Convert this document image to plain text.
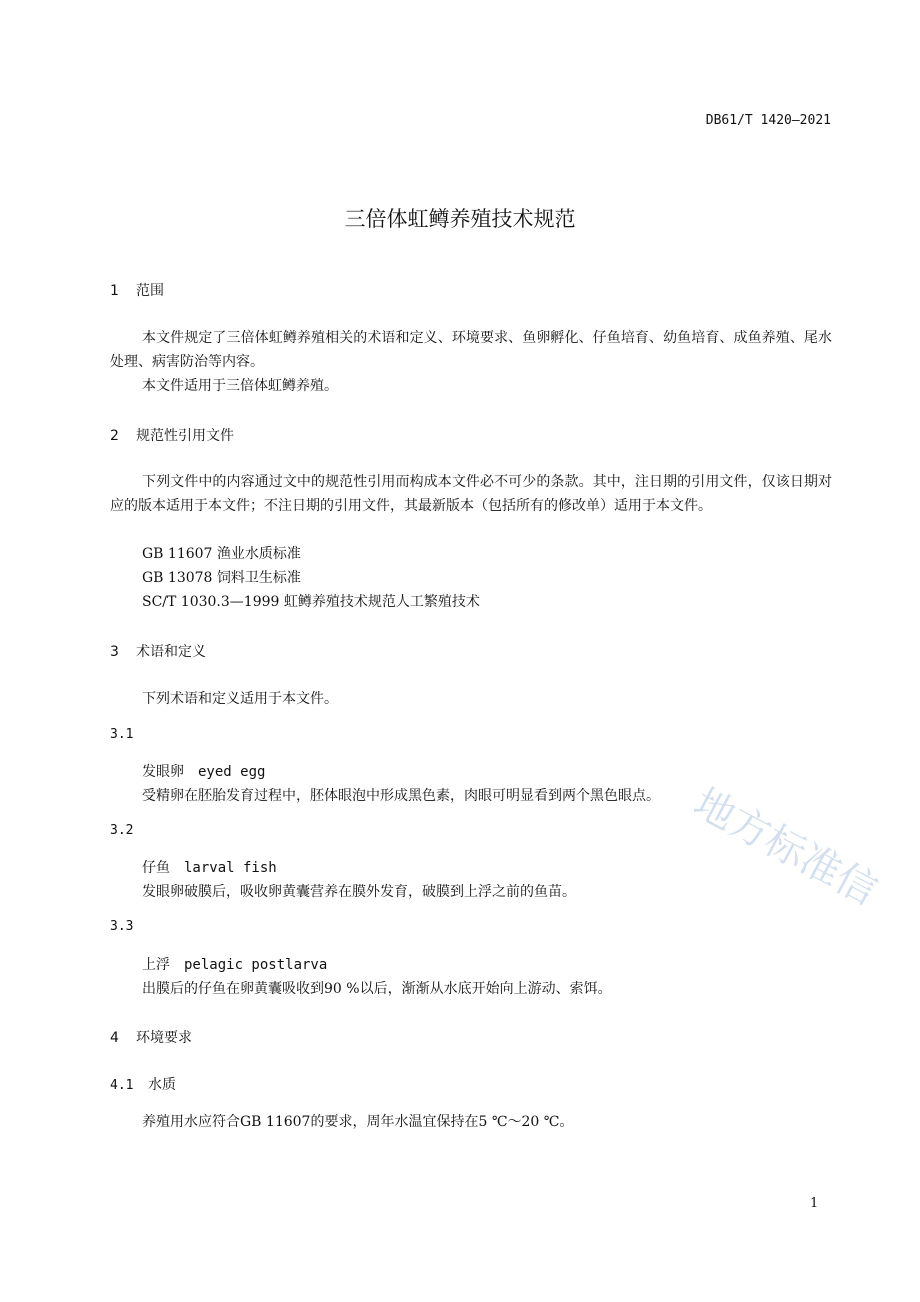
DB61/T 1420—2021
三倍体虹鳟养殖技术规范
1 范围

本文件规定了三倍体虹鳟养殖相关的术语和定义、环境要求、鱼卵孵化、仔鱼培育、幼鱼培育、成鱼养殖、尾水处理、病害防治等内容。

本文件适用于三倍体虹鳟养殖。

2 规范性引用文件

下列文件中的内容通过文中的规范性引用而构成本文件必不可少的条款。其中，注日期的引用文件，仅该日期对应的版本适用于本文件；不注日期的引用文件，其最新版本（包括所有的修改单）适用于本文件。

GB 11607 渔业水质标准
GB 13078 饲料卫生标准
SC/T 1030.3—1999 虹鳟养殖技术规范人工繁殖技术
3 术语和定义
下列术语和定义适用于本文件。
3.1
发眼卵 eyed egg
受精卵在胚胎发育过程中，胚体眼泡中形成黑色素，肉眼可明显看到两个黑色眼点。
3.2
仔鱼 larval fish
发眼卵破膜后，吸收卵黄囊营养在膜外发育，破膜到上浮之前的鱼苗。
3.3
上浮 pelagic postlarva
出膜后的仔鱼在卵黄囊吸收到90 %以后，渐渐从水底开始向上游动、索饵。
4 环境要求
4.1 水质
养殖用水应符合GB 11607的要求，周年水温宜保持在5 ℃～20 ℃。
地方标准信
1
